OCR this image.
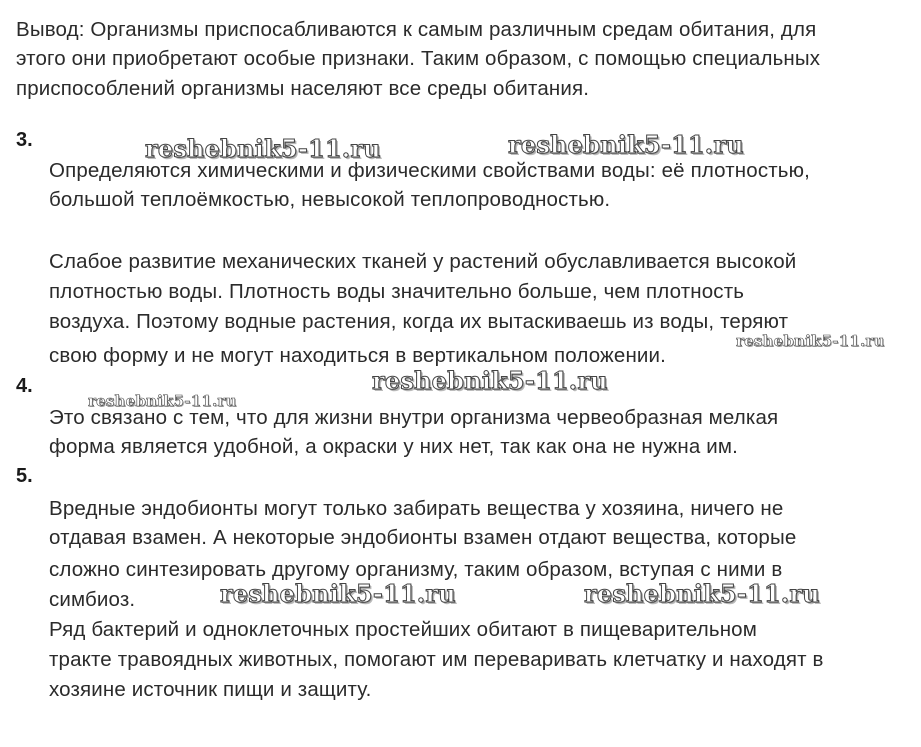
Вывод: Организмы приспосабливаются к самым различным средам обитания, для
этого они приобретают особые признаки. Таким образом, с помощью специальных
приспособлений организмы населяют все среды обитания.
3.
Определяются химическими и физическими свойствами воды: её плотностью,
большой теплоёмкостью, невысокой теплопроводностью.
Слабое развитие механических тканей у растений обуславливается высокой
плотностью воды. Плотность воды значительно больше, чем плотность
воздуха. Поэтому водные растения, когда их вытаскиваешь из воды, теряют
свою форму и не могут находиться в вертикальном положении.
4.
Это связано с тем, что для жизни внутри организма червеобразная мелкая
форма является удобной, а окраски у них нет, так как она не нужна им.
5.
Вредные эндобионты могут только забирать вещества у хозяина, ничего не
отдавая взамен. А некоторые эндобионты взамен отдают вещества, которые
сложно синтезировать другому организму, таким образом, вступая с ними в
симбиоз.
Ряд бактерий и одноклеточных простейших обитают в пищеварительном
тракте травоядных животных, помогают им переваривать клетчатку и находят в
хозяине источник пищи и защиту.
reshebnik5-11.ru	reshebnik5-11.ru
reshebnik5-11.ru
reshebnik5-11.ru
reshebnik5-11.ru
reshebnik5-11.ru	reshebnik5-11.ru
